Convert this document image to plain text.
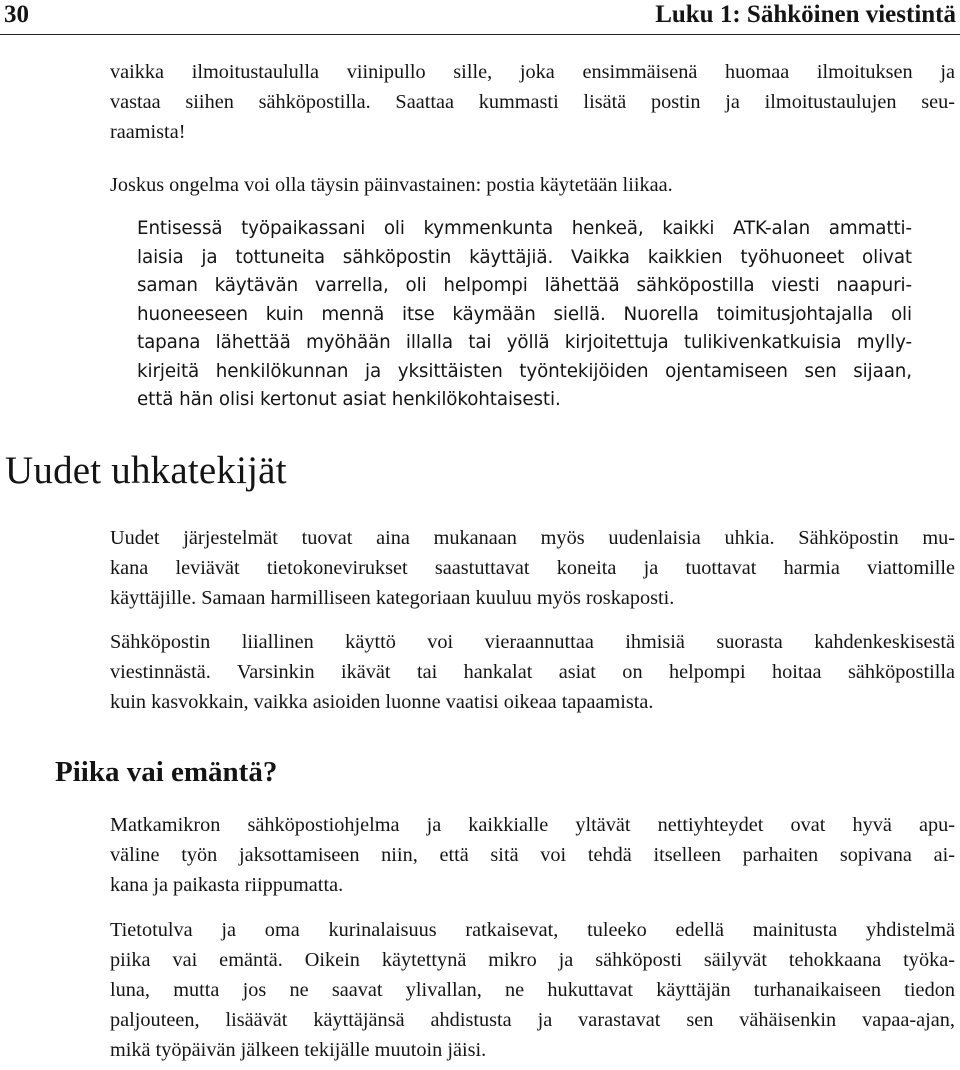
30	Luku 1: Sähköinen viestintä

vaikka ilmoitustaululla viinipullo sille, joka ensimmäisenä huomaa ilmoituksen ja
vastaa siihen sähköpostilla. Saattaa kummasti lisätä postin ja ilmoitustaulujen seu-
raamista!

Joskus ongelma voi olla täysin päinvastainen: postia käytetään liikaa.

Entisessä työpaikassani oli kymmenkunta henkeä, kaikki ATK-alan ammatti-
laisia ja tottuneita sähköpostin käyttäjiä. Vaikka kaikkien työhuoneet olivat
saman käytävän varrella, oli helpompi lähettää sähköpostilla viesti naapuri-
huoneeseen kuin mennä itse käymään siellä. Nuorella toimitusjohtajalla oli
tapana lähettää myöhään illalla tai yöllä kirjoitettuja tulikivenkatkuisia mylly-
kirjeitä henkilökunnan ja yksittäisten työntekijöiden ojentamiseen sen sijaan,
että hän olisi kertonut asiat henkilökohtaisesti.

Uudet uhkatekijät

Uudet järjestelmät tuovat aina mukanaan myös uudenlaisia uhkia. Sähköpostin mu-
kana leviävät tietokonevirukset saastuttavat koneita ja tuottavat harmia viattomille
käyttäjille. Samaan harmilliseen kategoriaan kuuluu myös roskaposti.

Sähköpostin liiallinen käyttö voi vieraannuttaa ihmisiä suorasta kahdenkeskisestä
viestinnästä. Varsinkin ikävät tai hankalat asiat on helpompi hoitaa sähköpostilla
kuin kasvokkain, vaikka asioiden luonne vaatisi oikeaa tapaamista.

Piika vai emäntä?

Matkamikron sähköpostiohjelma ja kaikkialle yltävät nettiyhteydet ovat hyvä apu-
väline työn jaksottamiseen niin, että sitä voi tehdä itselleen parhaiten sopivana ai-
kana ja paikasta riippumatta.

Tietotulva ja oma kurinalaisuus ratkaisevat, tuleeko edellä mainitusta yhdistelmä
piika vai emäntä. Oikein käytettynä mikro ja sähköposti säilyvät tehokkaana työka-
luna, mutta jos ne saavat ylivallan, ne hukuttavat käyttäjän turhanaikaiseen tiedon
paljouteen, lisäävät käyttäjänsä ahdistusta ja varastavat sen vähäisenkin vapaa-ajan,
mikä työpäivän jälkeen tekijälle muutoin jäisi.
